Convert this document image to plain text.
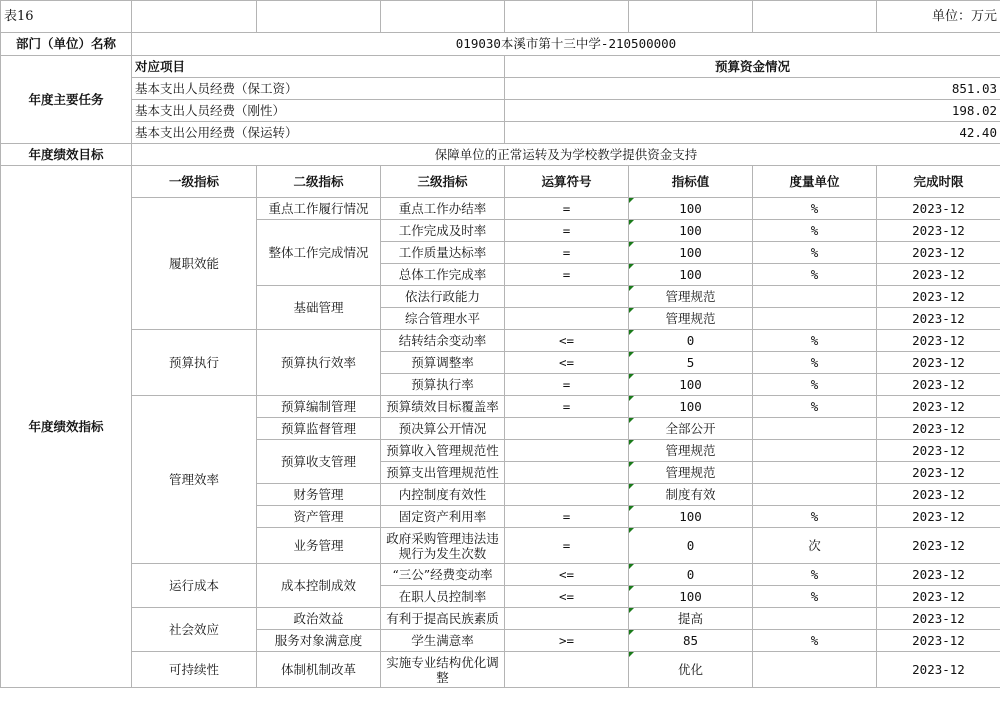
表16							单位：万元
部门（单位）名称	019030本溪市第十三中学-210500000						
年度主要任务	对应项目			预算资金情况			
	基本支出人员经费（保工资）			851.03			
	基本支出人员经费（刚性）			198.02			
	基本支出公用经费（保运转）			42.40			
年度绩效目标	保障单位的正常运转及为学校教学提供资金支持						
年度绩效指标	一级指标	二级指标	三级指标	运算符号	指标值	度量单位	完成时限
	履职效能	重点工作履行情况	重点工作办结率	=	100	%	2023-12
		整体工作完成情况	工作完成及时率	=	100	%	2023-12
			工作质量达标率	=	100	%	2023-12
			总体工作完成率	=	100	%	2023-12
		基础管理	依法行政能力		管理规范		2023-12
			综合管理水平		管理规范		2023-12
	预算执行	预算执行效率	结转结余变动率	<=	0	%	2023-12
			预算调整率	<=	5	%	2023-12
			预算执行率	=	100	%	2023-12
	管理效率	预算编制管理	预算绩效目标覆盖率	=	100	%	2023-12
		预算监督管理	预决算公开情况		全部公开		2023-12
		预算收支管理	预算收入管理规范性		管理规范		2023-12
			预算支出管理规范性		管理规范		2023-12
		财务管理	内控制度有效性		制度有效		2023-12
		资产管理	固定资产利用率	=	100	%	2023-12
		业务管理	政府采购管理违法违规行为发生次数	=	0	次	2023-12
	运行成本	成本控制成效	“三公”经费变动率	<=	0	%	2023-12
			在职人员控制率	<=	100	%	2023-12
	社会效应	政治效益	有利于提高民族素质		提高		2023-12
		服务对象满意度	学生满意率	>=	85	%	2023-12
	可持续性	体制机制改革	实施专业结构优化调整		优化		2023-12
